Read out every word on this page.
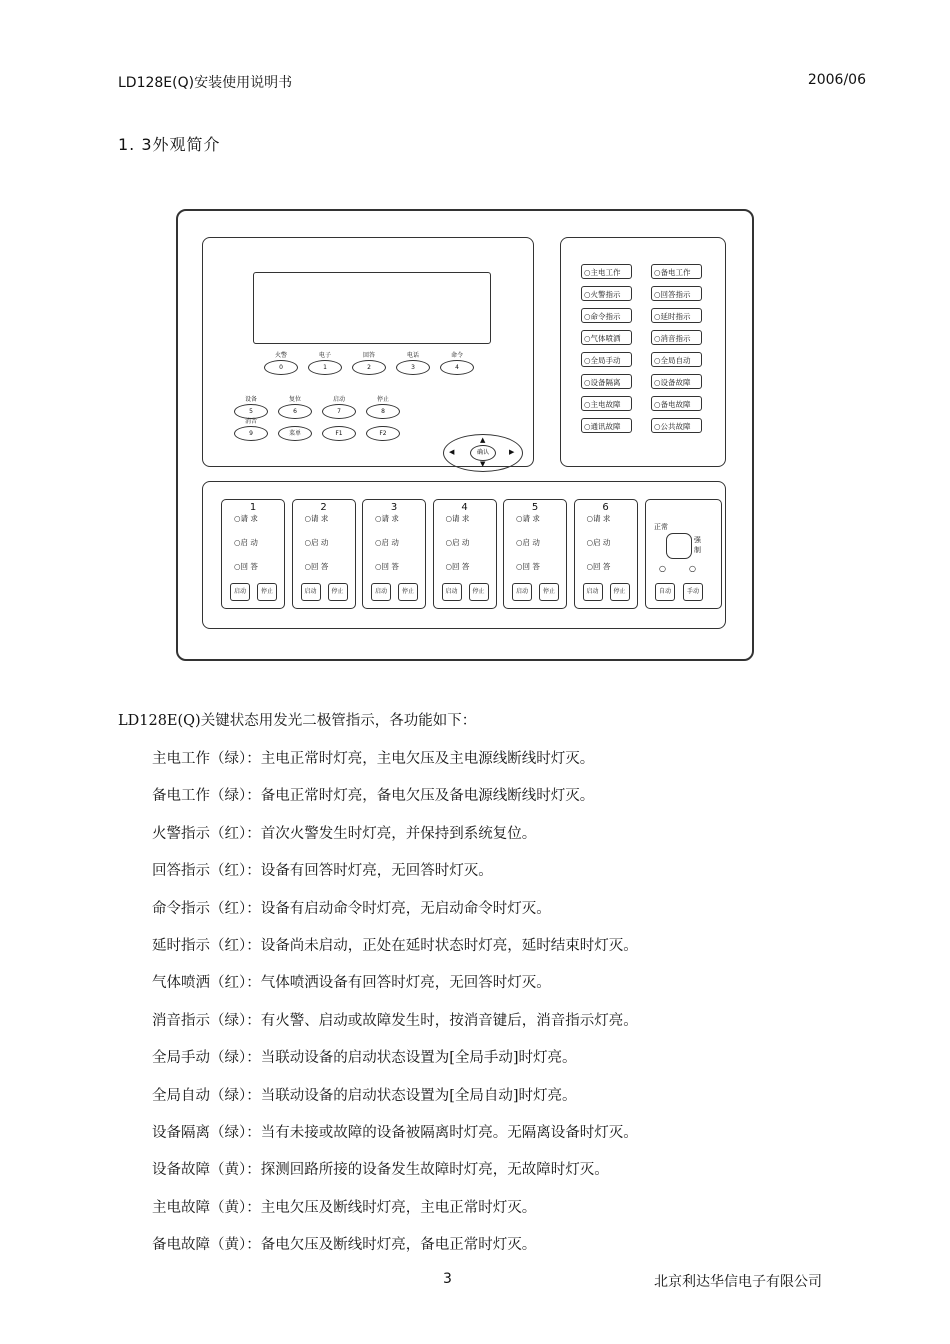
LD128E(Q)安装使用说明书	2006/06
1. 3外观简介
火警
0
电子
1
回答
2
电话
3
命令
4
设备
5
复位
6
启动
7
停止
8
消音
9	菜单	F1	F2
▲
▼
◀	▶
确认
○主电工作
○火警指示
○命令指示
○气体喷洒
○全局手动
○设备隔离
○主电故障
○通讯故障
○备电工作
○回答指示
○延时指示
○消音指示
○全局自动
○设备故障
○备电故障
○公共故障
1
○请 求
○启 动
○回 答
启动	停止
2
○请 求
○启 动
○回 答
启动	停止
3
○请 求
○启 动
○回 答
启动	停止
4
○请 求
○启 动
○回 答
启动	停止
5
○请 求
○启 动
○回 答
启动	停止
6
○请 求
○启 动
○回 答
启动	停止
正常
强制
○	○
自动	手动
LD128E(Q)关键状态用发光二极管指示，各功能如下：
主电工作（绿）：主电正常时灯亮，主电欠压及主电源线断线时灯灭。
备电工作（绿）：备电正常时灯亮，备电欠压及备电源线断线时灯灭。
火警指示（红）：首次火警发生时灯亮，并保持到系统复位。
回答指示（红）：设备有回答时灯亮，无回答时灯灭。
命令指示（红）：设备有启动命令时灯亮，无启动命令时灯灭。
延时指示（红）：设备尚未启动，正处在延时状态时灯亮，延时结束时灯灭。
气体喷洒（红）：气体喷洒设备有回答时灯亮，无回答时灯灭。
消音指示（绿）：有火警、启动或故障发生时，按消音键后，消音指示灯亮。
全局手动（绿）：当联动设备的启动状态设置为[全局手动]时灯亮。
全局自动（绿）：当联动设备的启动状态设置为[全局自动]时灯亮。
设备隔离（绿）：当有未接或故障的设备被隔离时灯亮。无隔离设备时灯灭。
设备故障（黄）：探测回路所接的设备发生故障时灯亮，无故障时灯灭。
主电故障（黄）：主电欠压及断线时灯亮，主电正常时灯灭。
备电故障（黄）：备电欠压及断线时灯亮，备电正常时灯灭。
3	北京利达华信电子有限公司
